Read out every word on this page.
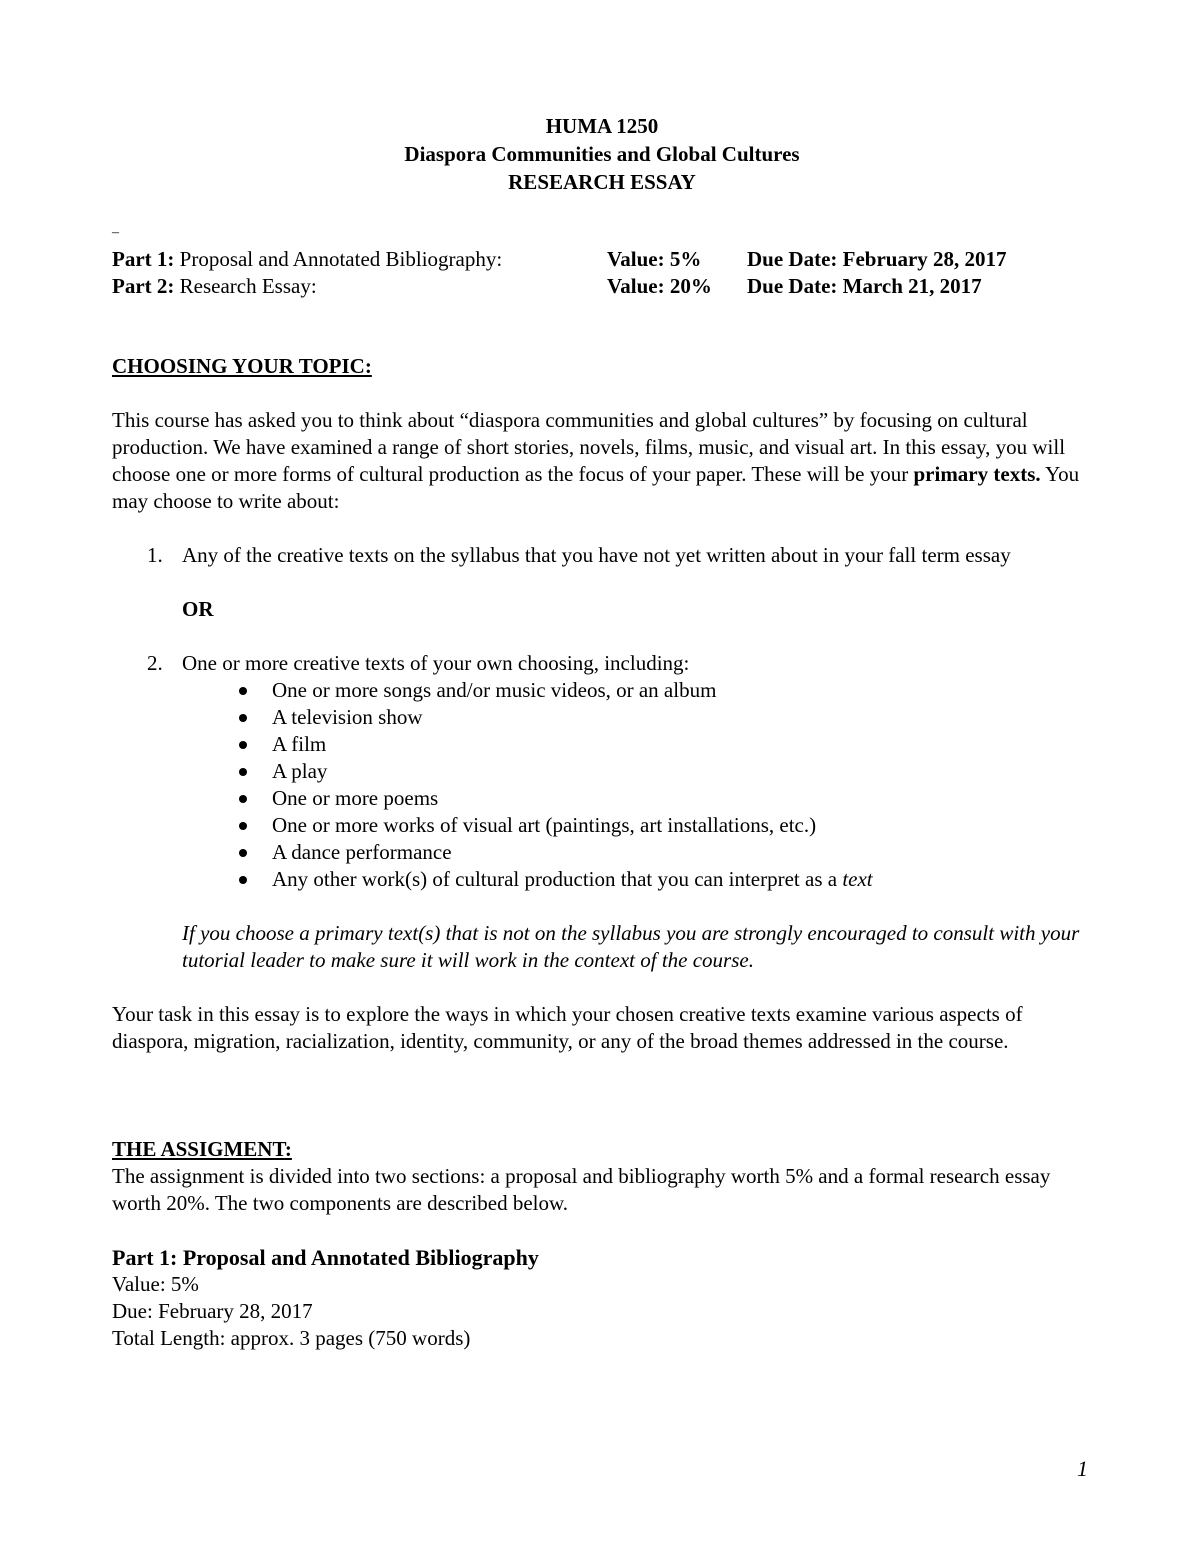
HUMA 1250
Diaspora Communities and Global Cultures
RESEARCH ESSAY
–
Part 1: Proposal and Annotated Bibliography:	Value: 5%	Due Date: February 28, 2017
Part 2: Research Essay:	Value: 20%	Due Date: March 21, 2017
CHOOSING YOUR TOPIC:

This course has asked you to think about “diaspora communities and global cultures” by focusing on cultural production. We have examined a range of short stories, novels, films, music, and visual art. In this essay, you will choose one or more forms of cultural production as the focus of your paper. These will be your primary texts. You may choose to write about:

1. Any of the creative texts on the syllabus that you have not yet written about in your fall term essay
OR
2. One or more creative texts of your own choosing, including:
One or more songs and/or music videos, or an album
A television show
A film
A play
One or more poems
One or more works of visual art (paintings, art installations, etc.)
A dance performance
Any other work(s) of cultural production that you can interpret as a text
If you choose a primary text(s) that is not on the syllabus you are strongly encouraged to consult with your tutorial leader to make sure it will work in the context of the course.

Your task in this essay is to explore the ways in which your chosen creative texts examine various aspects of diaspora, migration, racialization, identity, community, or any of the broad themes addressed in the course.

THE ASSIGMENT:

The assignment is divided into two sections: a proposal and bibliography worth 5% and a formal research essay worth 20%. The two components are described below.

Part 1: Proposal and Annotated Bibliography
Value: 5%
Due: February 28, 2017
Total Length: approx. 3 pages (750 words)
1
